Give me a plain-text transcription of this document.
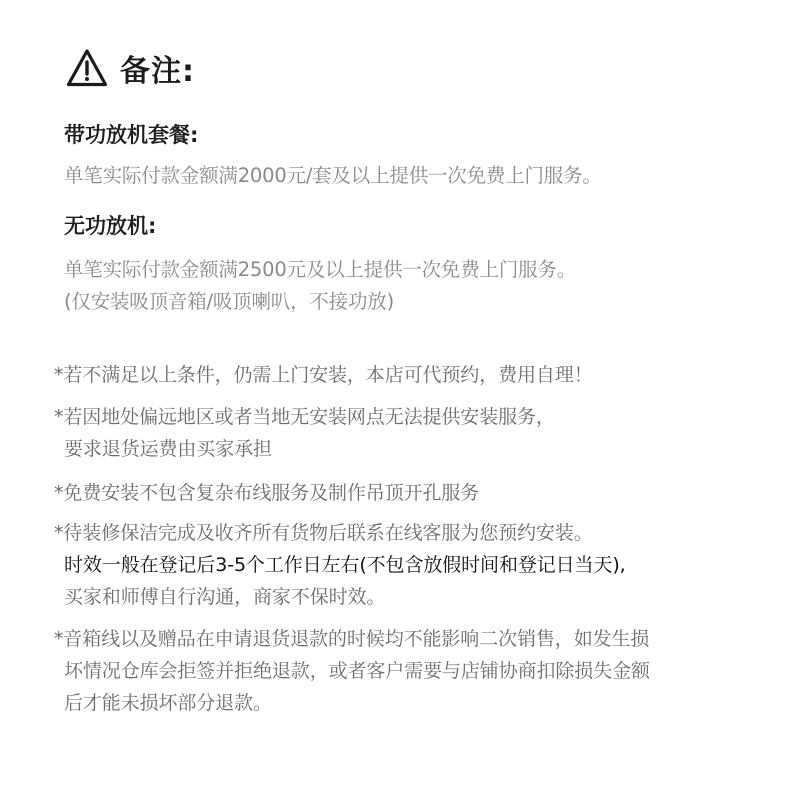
备注:
带功放机套餐:
单笔实际付款金额满2000元/套及以上提供一次免费上门服务。
无功放机:
单笔实际付款金额满2500元及以上提供一次免费上门服务。
(仅安装吸顶音箱/吸顶喇叭，不接功放)
*若不满足以上条件，仍需上门安装，本店可代预约，费用自理！
*若因地处偏远地区或者当地无安装网点无法提供安装服务，
要求退货运费由买家承担
*免费安装不包含复杂布线服务及制作吊顶开孔服务
*待装修保洁完成及收齐所有货物后联系在线客服为您预约安装。
时效一般在登记后3-5个工作日左右(不包含放假时间和登记日当天),
买家和师傅自行沟通，商家不保时效。
*音箱线以及赠品在申请退货退款的时候均不能影响二次销售，如发生损
坏情况仓库会拒签并拒绝退款，或者客户需要与店铺协商扣除损失金额
后才能未损坏部分退款。
